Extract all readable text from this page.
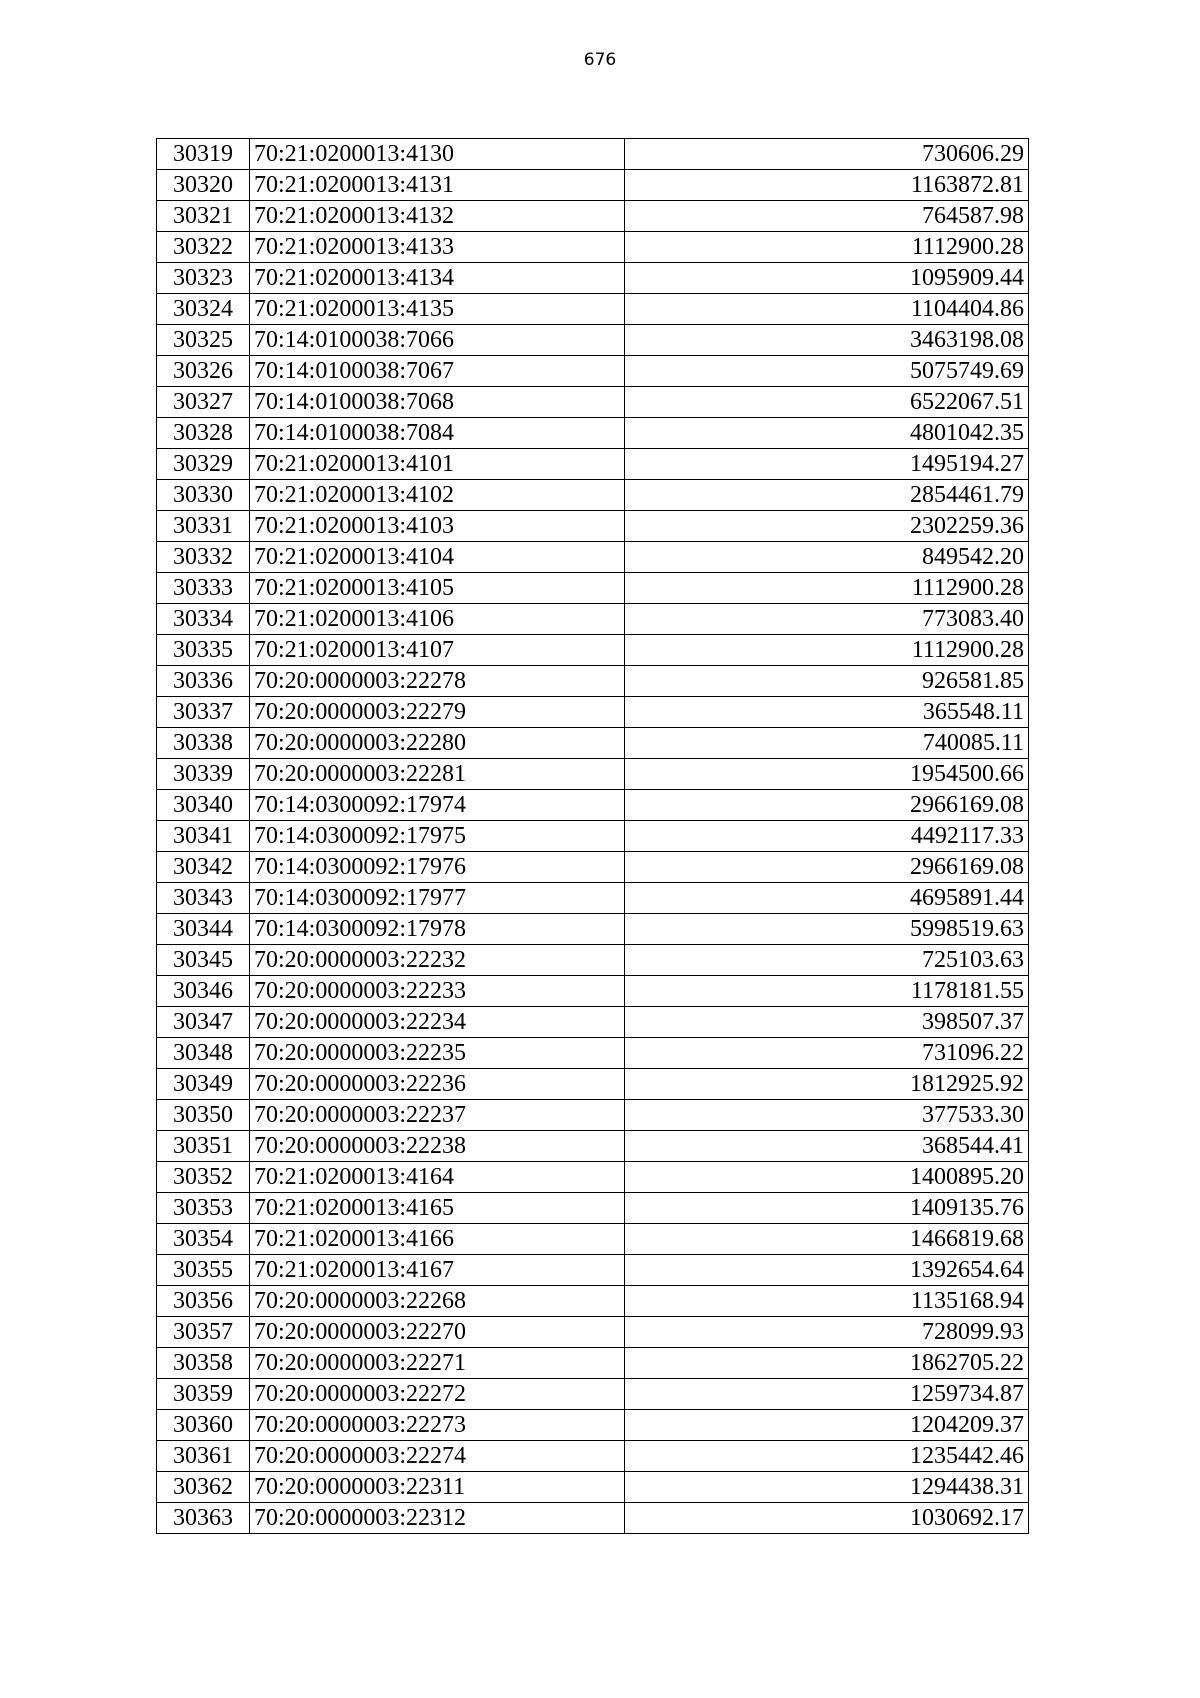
676
30319	70:21:0200013:4130	730606.29
30320	70:21:0200013:4131	1163872.81
30321	70:21:0200013:4132	764587.98
30322	70:21:0200013:4133	1112900.28
30323	70:21:0200013:4134	1095909.44
30324	70:21:0200013:4135	1104404.86
30325	70:14:0100038:7066	3463198.08
30326	70:14:0100038:7067	5075749.69
30327	70:14:0100038:7068	6522067.51
30328	70:14:0100038:7084	4801042.35
30329	70:21:0200013:4101	1495194.27
30330	70:21:0200013:4102	2854461.79
30331	70:21:0200013:4103	2302259.36
30332	70:21:0200013:4104	849542.20
30333	70:21:0200013:4105	1112900.28
30334	70:21:0200013:4106	773083.40
30335	70:21:0200013:4107	1112900.28
30336	70:20:0000003:22278	926581.85
30337	70:20:0000003:22279	365548.11
30338	70:20:0000003:22280	740085.11
30339	70:20:0000003:22281	1954500.66
30340	70:14:0300092:17974	2966169.08
30341	70:14:0300092:17975	4492117.33
30342	70:14:0300092:17976	2966169.08
30343	70:14:0300092:17977	4695891.44
30344	70:14:0300092:17978	5998519.63
30345	70:20:0000003:22232	725103.63
30346	70:20:0000003:22233	1178181.55
30347	70:20:0000003:22234	398507.37
30348	70:20:0000003:22235	731096.22
30349	70:20:0000003:22236	1812925.92
30350	70:20:0000003:22237	377533.30
30351	70:20:0000003:22238	368544.41
30352	70:21:0200013:4164	1400895.20
30353	70:21:0200013:4165	1409135.76
30354	70:21:0200013:4166	1466819.68
30355	70:21:0200013:4167	1392654.64
30356	70:20:0000003:22268	1135168.94
30357	70:20:0000003:22270	728099.93
30358	70:20:0000003:22271	1862705.22
30359	70:20:0000003:22272	1259734.87
30360	70:20:0000003:22273	1204209.37
30361	70:20:0000003:22274	1235442.46
30362	70:20:0000003:22311	1294438.31
30363	70:20:0000003:22312	1030692.17
